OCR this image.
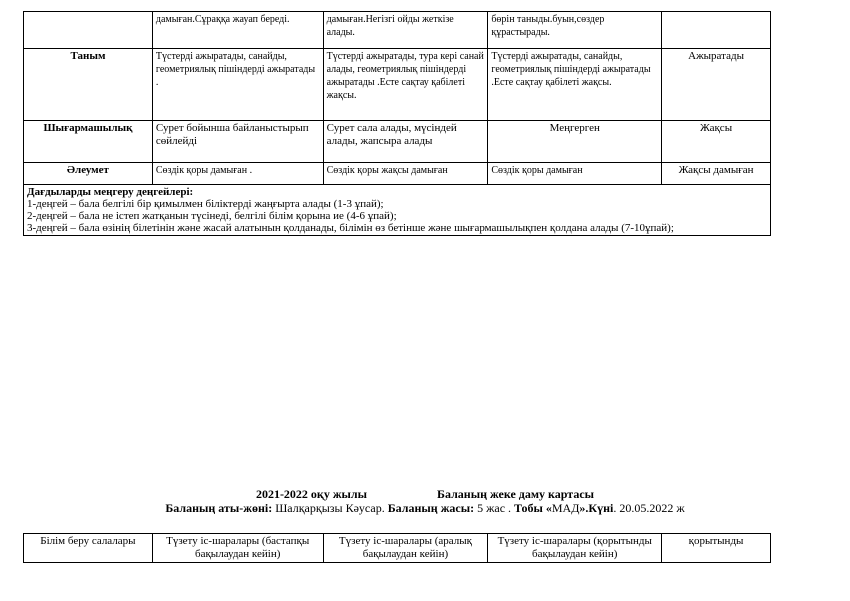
	дамыған.Сұраққа жауап береді.	дамыған.Негізгі ойды жеткізе алады.	бөрін таныды.буын,сөздер құрастырады.	
Таным	Түстерді ажыратады, санайды, геометриялық пішіндерді ажыратады .	Түстерді ажыратады, тура кері санай алады, геометриялық пішіндерді ажыратады .Есте сақтау қабілеті жақсы.	Түстерді ажыратады, санайды, геометриялық пішіндерді ажыратады .Есте сақтау қабілеті жақсы.	Ажыратады
Шығармашылық	Сурет бойынша байланыстырып сөйлейді	Сурет сала алады, мүсіндей алады, жапсыра алады	Меңгерген	Жақсы
Әлеумет	Сөздік қоры дамыған .	Сөздік қоры жақсы дамыған	Сөздік қоры дамыған	Жақсы дамыған

Дағдыларды меңгеру деңгейлері:
1-деңгей – бала белгілі бір қимылмен біліктерді жаңғырта алады (1-3 ұпай);
2-деңгей – бала не істеп жатқанын түсінеді, белгілі білім қорына ие (4-6 ұпай);
3-деңгей – бала өзінің білетінін және жасай алатынын қолданады, білімін өз бетінше және шығармашылықпен қолдана алады (7-10ұпай);				
2021-2022 оқу жылы	Баланың жеке даму картасы
Баланың аты-жөні: Шалқарқызы Кәусар. Баланың жасы: 5 жас . Тобы «МАД».Күні. 20.05.2022 ж
Білім беру салалары	Түзету іс-шаралары (бастапқы бақылаудан кейін)	Түзету іс-шаралары (аралық бақылаудан кейін)	Түзету іс-шаралары (қорытынды бақылаудан кейін)	қорытынды
